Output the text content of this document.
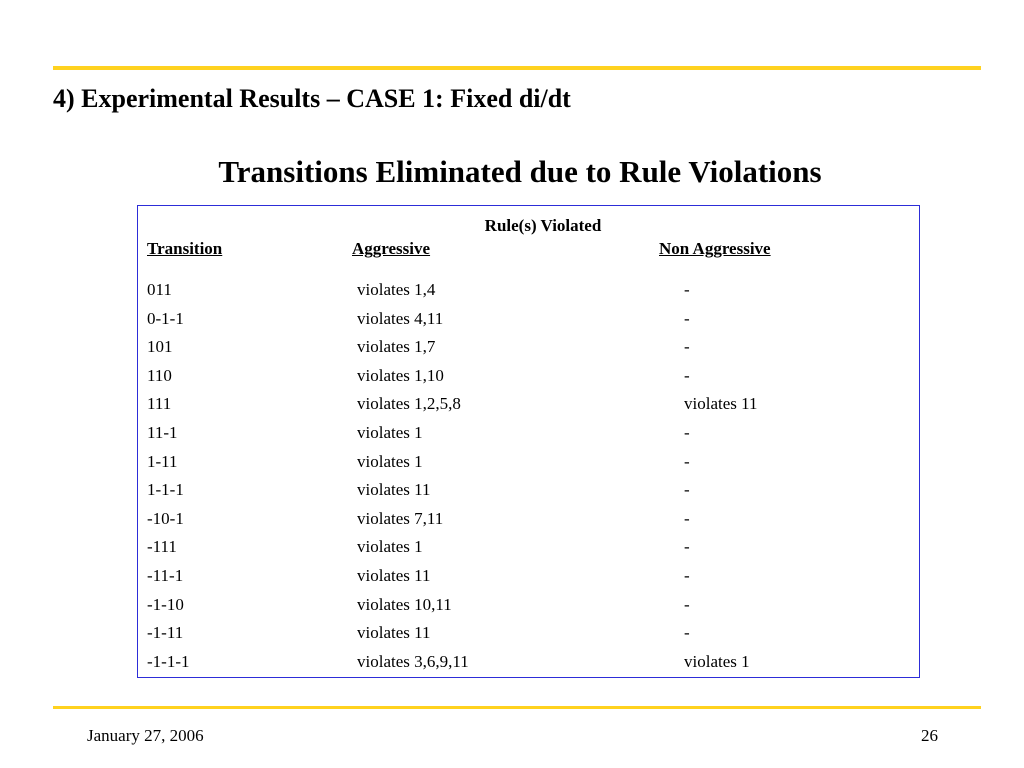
4) Experimental Results – CASE 1: Fixed di/dt
Transitions Eliminated due to Rule Violations
Rule(s) Violated
Transition	Aggressive	Non Aggressive
011	violates 1,4	-
0-1-1	violates 4,11	-
101	violates 1,7	-
110	violates 1,10	-
111	violates 1,2,5,8	violates 11
11-1	violates 1	-
1-11	violates 1	-
1-1-1	violates 11	-
-10-1	violates 7,11	-
-111	violates 1	-
-11-1	violates 11	-
-1-10	violates 10,11	-
-1-11	violates 11	-
-1-1-1	violates 3,6,9,11	violates 1
January 27, 2006	26
